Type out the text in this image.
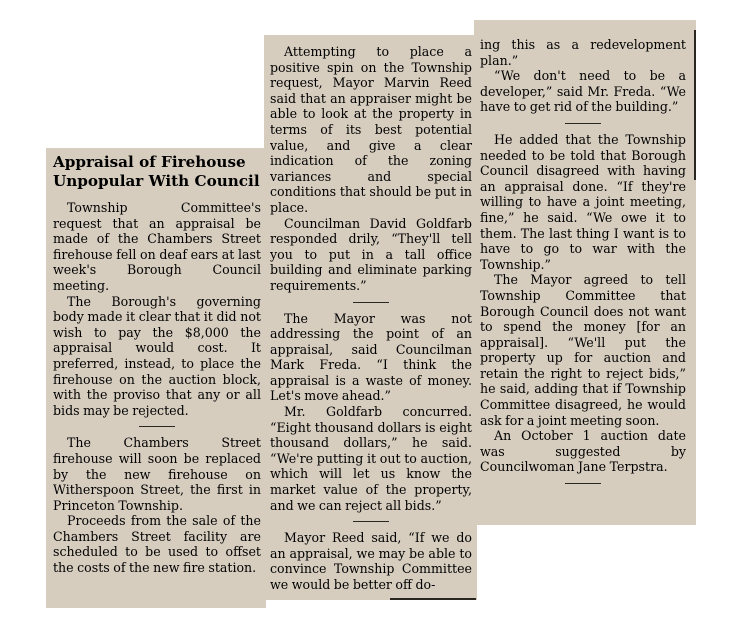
Appraisal of Firehouse
Unpopular With Council

Township Committee's request that an appraisal be made of the Chambers Street firehouse fell on deaf ears at last week's Borough Council meeting.

The Borough's governing body made it clear that it did not wish to pay the $8,000 the appraisal would cost. It preferred, instead, to place the firehouse on the auction block, with the proviso that any or all bids may be rejected.

The Chambers Street firehouse will soon be replaced by the new firehouse on Witherspoon Street, the first in Princeton Township.

Proceeds from the sale of the Chambers Street facility are scheduled to be used to offset the costs of the new fire station.

Attempting to place a positive spin on the Township request, Mayor Marvin Reed said that an appraiser might be able to look at the property in terms of its best potential value, and give a clear indication of the zoning variances and special conditions that should be put in place.

Councilman David Goldfarb responded drily, “They'll tell you to put in a tall office building and eliminate parking requirements.”

The Mayor was not addressing the point of an appraisal, said Councilman Mark Freda. “I think the appraisal is a waste of money. Let's move ahead.”

Mr. Goldfarb concurred. “Eight thousand dollars is eight thousand dollars,” he said. “We're putting it out to auction, which will let us know the market value of the property, and we can reject all bids.”

Mayor Reed said, “If we do an appraisal, we may be able to convince Township Committee we would be better off do-

ing this as a redevelopment plan.”

“We don't need to be a developer,” said Mr. Freda. “We have to get rid of the building.”

He added that the Township needed to be told that Borough Council disagreed with having an appraisal done. “If they're willing to have a joint meeting, fine,” he said. “We owe it to them. The last thing I want is to have to go to war with the Township.”

The Mayor agreed to tell Township Committee that Borough Council does not want to spend the money [for an appraisal]. “We'll put the property up for auction and retain the right to reject bids,” he said, adding that if Township Committee disagreed, he would ask for a joint meeting soon.

An October 1 auction date was suggested by Councilwoman Jane Terpstra.
